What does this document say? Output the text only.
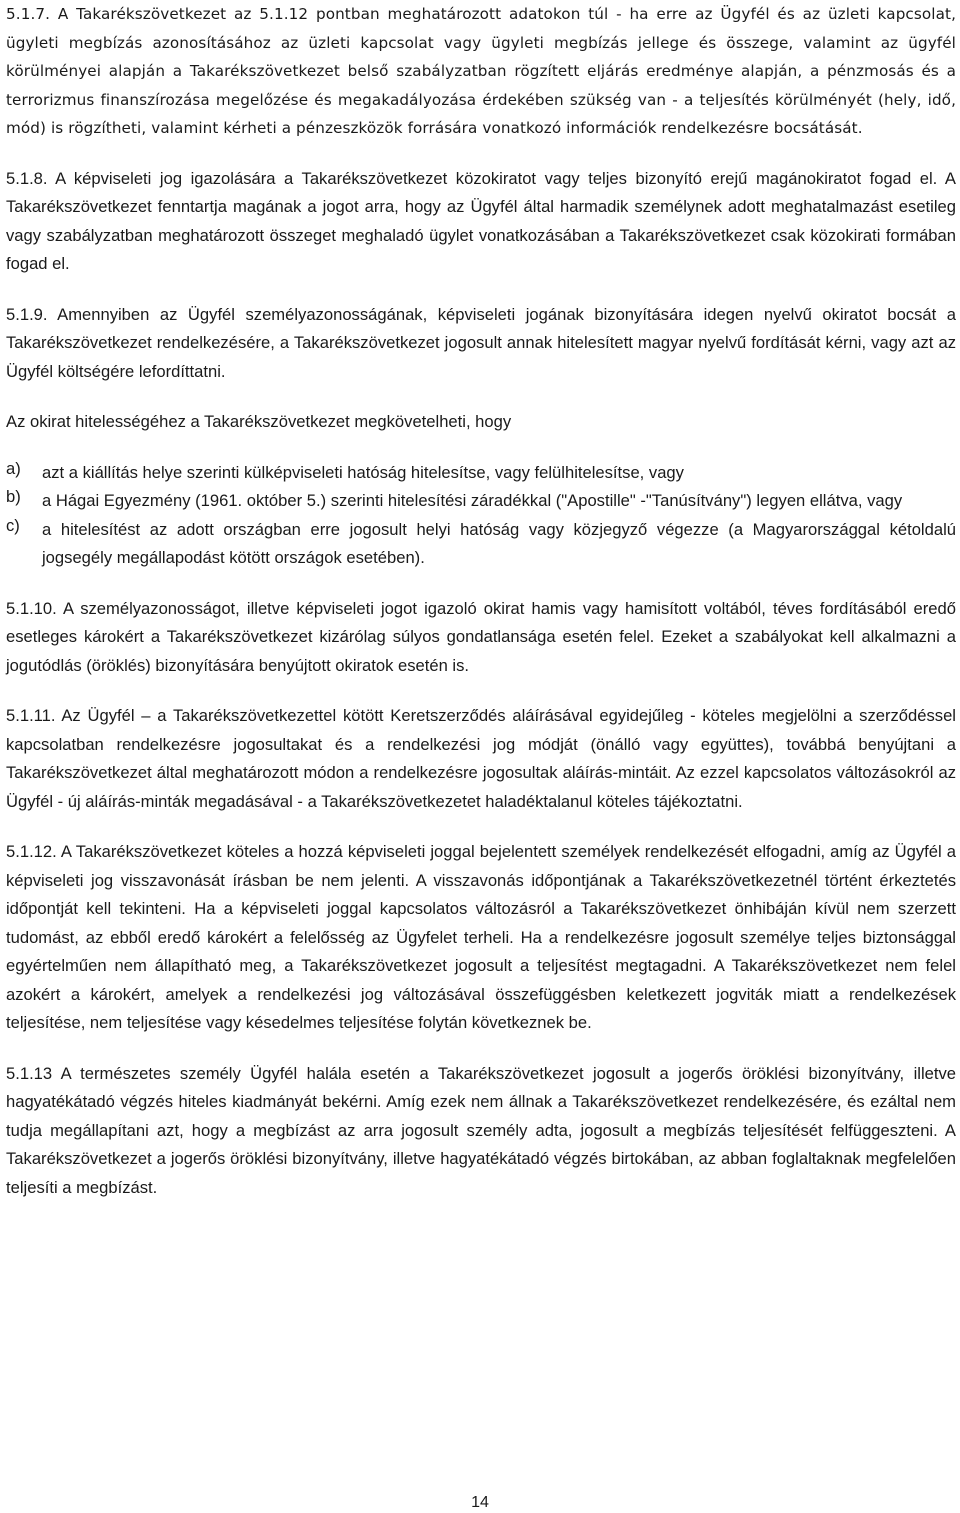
5.1.7. A Takarékszövetkezet az 5.1.12 pontban meghatározott adatokon túl - ha erre az Ügyfél és az üzleti kapcsolat, ügyleti megbízás azonosításához az üzleti kapcsolat vagy ügyleti megbízás jellege és összege, valamint az ügyfél körülményei alapján a Takarékszövetkezet belső szabályzatban rögzített eljárás eredménye alapján, a pénzmosás és a terrorizmus finanszírozása megelőzése és megakadályozása érdekében szükség van - a teljesítés körülményét (hely, idő, mód) is rögzítheti, valamint kérheti a pénzeszközök forrására vonatkozó információk rendelkezésre bocsátását.

5.1.8. A képviseleti jog igazolására a Takarékszövetkezet közokiratot vagy teljes bizonyító erejű magánokiratot fogad el. A Takarékszövetkezet fenntartja magának a jogot arra, hogy az Ügyfél által harmadik személynek adott meghatalmazást esetileg vagy szabályzatban meghatározott összeget meghaladó ügylet vonatkozásában a Takarékszövetkezet csak közokirati formában fogad el.

5.1.9. Amennyiben az Ügyfél személyazonosságának, képviseleti jogának bizonyítására idegen nyelvű okiratot bocsát a Takarékszövetkezet rendelkezésére, a Takarékszövetkezet jogosult annak hitelesített magyar nyelvű fordítását kérni, vagy azt az Ügyfél költségére lefordíttatni.

Az okirat hitelességéhez a Takarékszövetkezet megkövetelheti, hogy

a)	azt a kiállítás helye szerinti külképviseleti hatóság hitelesítse, vagy felülhitelesítse, vagy

b)	a Hágai Egyezmény (1961. október 5.) szerinti hitelesítési záradékkal ("Apostille" -"Tanúsítvány") legyen ellátva, vagy

c)	a hitelesítést az adott országban erre jogosult helyi hatóság vagy közjegyző végezze (a Magyarországgal kétoldalú jogsegély megállapodást kötött országok esetében).

5.1.10. A személyazonosságot, illetve képviseleti jogot igazoló okirat hamis vagy hamisított voltából, téves fordításából eredő esetleges károkért a Takarékszövetkezet kizárólag súlyos gondatlansága esetén felel. Ezeket a szabályokat kell alkalmazni a jogutódlás (öröklés) bizonyítására benyújtott okiratok esetén is.

5.1.11. Az Ügyfél – a Takarékszövetkezettel kötött Keretszerződés aláírásával egyidejűleg - köteles megjelölni a szerződéssel kapcsolatban rendelkezésre jogosultakat és a rendelkezési jog módját (önálló vagy együttes), továbbá benyújtani a Takarékszövetkezet által meghatározott módon a rendelkezésre jogosultak aláírás-mintáit. Az ezzel kapcsolatos változásokról az Ügyfél - új aláírás-minták megadásával - a Takarékszövetkezetet haladéktalanul köteles tájékoztatni.

5.1.12. A Takarékszövetkezet köteles a hozzá képviseleti joggal bejelentett személyek rendelkezését elfogadni, amíg az Ügyfél a képviseleti jog visszavonását írásban be nem jelenti. A visszavonás időpontjának a Takarékszövetkezetnél történt érkeztetés időpontját kell tekinteni. Ha a képviseleti joggal kapcsolatos változásról a Takarékszövetkezet önhibáján kívül nem szerzett tudomást, az ebből eredő károkért a felelősség az Ügyfelet terheli. Ha a rendelkezésre jogosult személye teljes biztonsággal egyértelműen nem állapítható meg, a Takarékszövetkezet jogosult a teljesítést megtagadni. A Takarékszövetkezet nem felel azokért a károkért, amelyek a rendelkezési jog változásával összefüggésben keletkezett jogviták miatt a rendelkezések teljesítése, nem teljesítése vagy késedelmes teljesítése folytán következnek be.

5.1.13 A természetes személy Ügyfél halála esetén a Takarékszövetkezet jogosult a jogerős öröklési bizonyítvány, illetve hagyatékátadó végzés hiteles kiadmányát bekérni. Amíg ezek nem állnak a Takarékszövetkezet rendelkezésére, és ezáltal nem tudja megállapítani azt, hogy a megbízást az arra jogosult személy adta, jogosult a megbízás teljesítését felfüggeszteni. A Takarékszövetkezet a jogerős öröklési bizonyítvány, illetve hagyatékátadó végzés birtokában, az abban foglaltaknak megfelelően teljesíti a megbízást.

14
